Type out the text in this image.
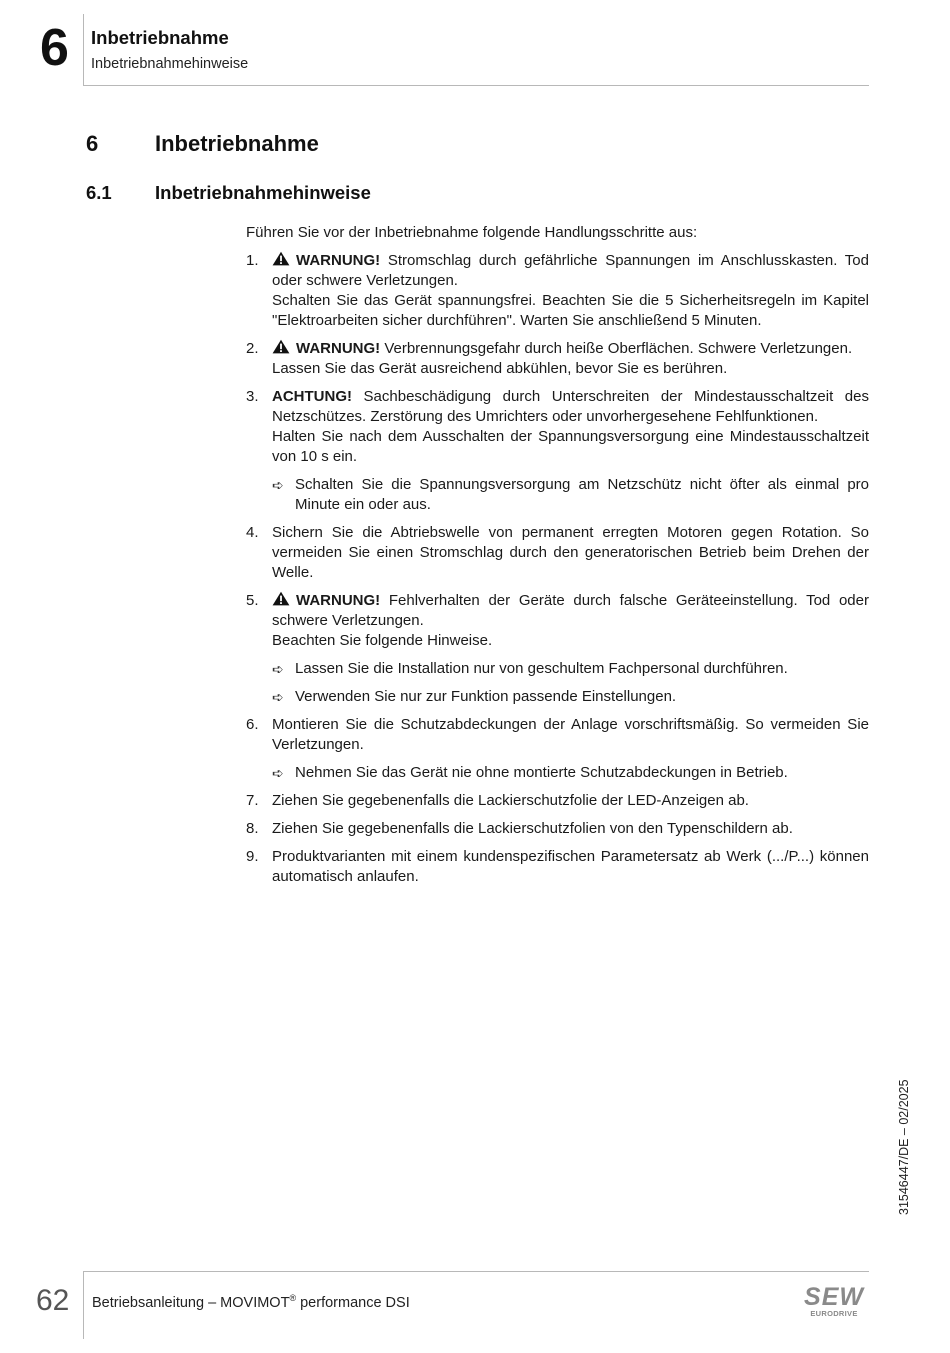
6 Inbetriebnahme
Inbetriebnahmehinweise
6	Inbetriebnahme
6.1 Inbetriebnahmehinweise

Führen Sie vor der Inbetriebnahme folgende Handlungsschritte aus:

1.	WARNUNG! Stromschlag durch gefährliche Spannungen im Anschlusskasten. Tod oder schwere Verletzungen.

Schalten Sie das Gerät spannungsfrei. Beachten Sie die 5 Sicherheitsregeln im Kapitel "Elektroarbeiten sicher durchführen". Warten Sie anschließend 5 Minuten.

2.	WARNUNG! Verbrennungsgefahr durch heiße Oberflächen. Schwere Verletzungen.

Lassen Sie das Gerät ausreichend abkühlen, bevor Sie es berühren.

3. ACHTUNG! Sachbeschädigung durch Unterschreiten der Mindestausschaltzeit des Netzschützes. Zerstörung des Umrichters oder unvorhergesehene Fehlfunktionen.

Halten Sie nach dem Ausschalten der Spannungsversorgung eine Mindestausschaltzeit von 10 s ein.

➪ Schalten Sie die Spannungsversorgung am Netzschütz nicht öfter als einmal pro Minute ein oder aus.
4. Sichern Sie die Abtriebswelle von permanent erregten Motoren gegen Rotation. So vermeiden Sie einen Stromschlag durch den generatorischen Betrieb beim Drehen der Welle.

5.	WARNUNG! Fehlverhalten der Geräte durch falsche Geräteeinstellung. Tod oder schwere Verletzungen.

Beachten Sie folgende Hinweise.

➪ Lassen Sie die Installation nur von geschultem Fachpersonal durchführen.
➪ Verwenden Sie nur zur Funktion passende Einstellungen.
6. Montieren Sie die Schutzabdeckungen der Anlage vorschriftsmäßig. So vermeiden Sie Verletzungen.

➪ Nehmen Sie das Gerät nie ohne montierte Schutzabdeckungen in Betrieb.
7. Ziehen Sie gegebenenfalls die Lackierschutzfolie der LED-Anzeigen ab.

8. Ziehen Sie gegebenenfalls die Lackierschutzfolien von den Typenschildern ab.

9. Produktvarianten mit einem kundenspezifischen Parametersatz ab Werk (.../P...) können automatisch anlaufen.

31546447/DE – 02/2025
62 Betriebsanleitung – MOVIMOT® performance DSI	SEW
EURODRIVE
